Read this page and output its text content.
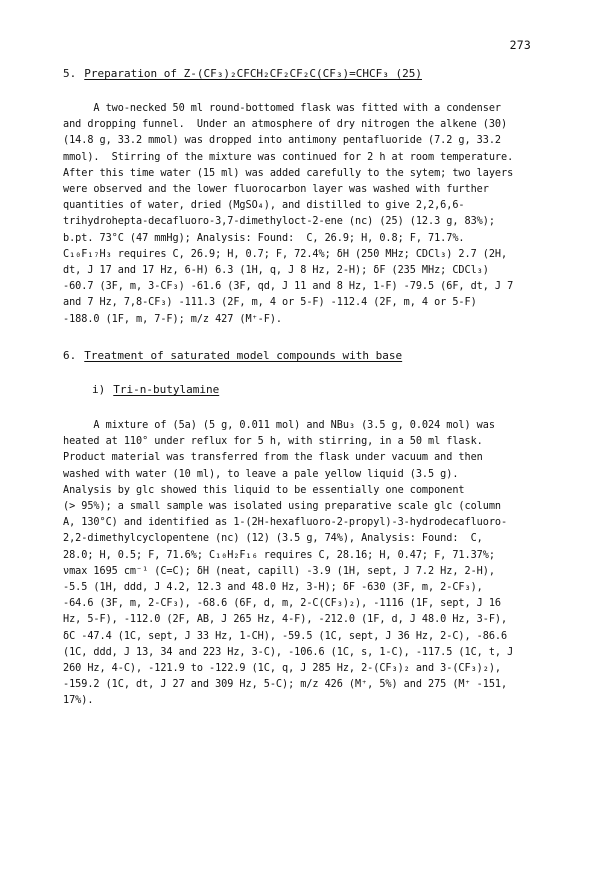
273
5. Preparation of Z-(CF₃)₂CFCH₂CF₂CF₂C(CF₃)=CHCF₃ (25)
A two-necked 50 ml round-bottomed flask was fitted with a condenser
and dropping funnel.  Under an atmosphere of dry nitrogen the alkene (30)
(14.8 g, 33.2 mmol) was dropped into antimony pentafluoride (7.2 g, 33.2
mmol).  Stirring of the mixture was continued for 2 h at room temperature.
After this time water (15 ml) was added carefully to the sytem; two layers
were observed and the lower fluorocarbon layer was washed with further
quantities of water, dried (MgSO₄), and distilled to give 2,2,6,6-
trihydrohepta-decafluoro-3,7-dimethyloct-2-ene (nc) (25) (12.3 g, 83%);
b.pt. 73°C (47 mmHg); Analysis: Found:  C, 26.9; H, 0.8; F, 71.7%.
C₁₀F₁₇H₃ requires C, 26.9; H, 0.7; F, 72.4%; δH (250 MHz; CDCl₃) 2.7 (2H,
dt, J 17 and 17 Hz, 6-H) 6.3 (1H, q, J 8 Hz, 2-H); δF (235 MHz; CDCl₃)
-60.7 (3F, m, 3-CF₃) -61.6 (3F, qd, J 11 and 8 Hz, 1-F) -79.5 (6F, dt, J 7
and 7 Hz, 7,8-CF₃) -111.3 (2F, m, 4 or 5-F) -112.4 (2F, m, 4 or 5-F)
-188.0 (1F, m, 7-F); m/z 427 (M⁺-F).
6. Treatment of saturated model compounds with base
i) Tri-n-butylamine
A mixture of (5a) (5 g, 0.011 mol) and NBu₃ (3.5 g, 0.024 mol) was
heated at 110° under reflux for 5 h, with stirring, in a 50 ml flask.
Product material was transferred from the flask under vacuum and then
washed with water (10 ml), to leave a pale yellow liquid (3.5 g).
Analysis by glc showed this liquid to be essentially one component
(> 95%); a small sample was isolated using preparative scale glc (column
A, 130°C) and identified as 1-(2H-hexafluoro-2-propyl)-3-hydrodecafluoro-
2,2-dimethylcyclopentene (nc) (12) (3.5 g, 74%), Analysis: Found:  C,
28.0; H, 0.5; F, 71.6%; C₁₀H₂F₁₆ requires C, 28.16; H, 0.47; F, 71.37%;
νmax 1695 cm⁻¹ (C=C); δH (neat, capill) -3.9 (1H, sept, J 7.2 Hz, 2-H),
-5.5 (1H, ddd, J 4.2, 12.3 and 48.0 Hz, 3-H); δF -630 (3F, m, 2-CF₃),
-64.6 (3F, m, 2-CF₃), -68.6 (6F, d, m, 2-C(CF₃)₂), -1116 (1F, sept, J 16
Hz, 5-F), -112.0 (2F, AB, J 265 Hz, 4-F), -212.0 (1F, d, J 48.0 Hz, 3-F),
δC -47.4 (1C, sept, J 33 Hz, 1-CH), -59.5 (1C, sept, J 36 Hz, 2-C), -86.6
(1C, ddd, J 13, 34 and 223 Hz, 3-C), -106.6 (1C, s, 1-C), -117.5 (1C, t, J
260 Hz, 4-C), -121.9 to -122.9 (1C, q, J 285 Hz, 2-(CF₃)₂ and 3-(CF₃)₂),
-159.2 (1C, dt, J 27 and 309 Hz, 5-C); m/z 426 (M⁺, 5%) and 275 (M⁺ -151,
17%).
